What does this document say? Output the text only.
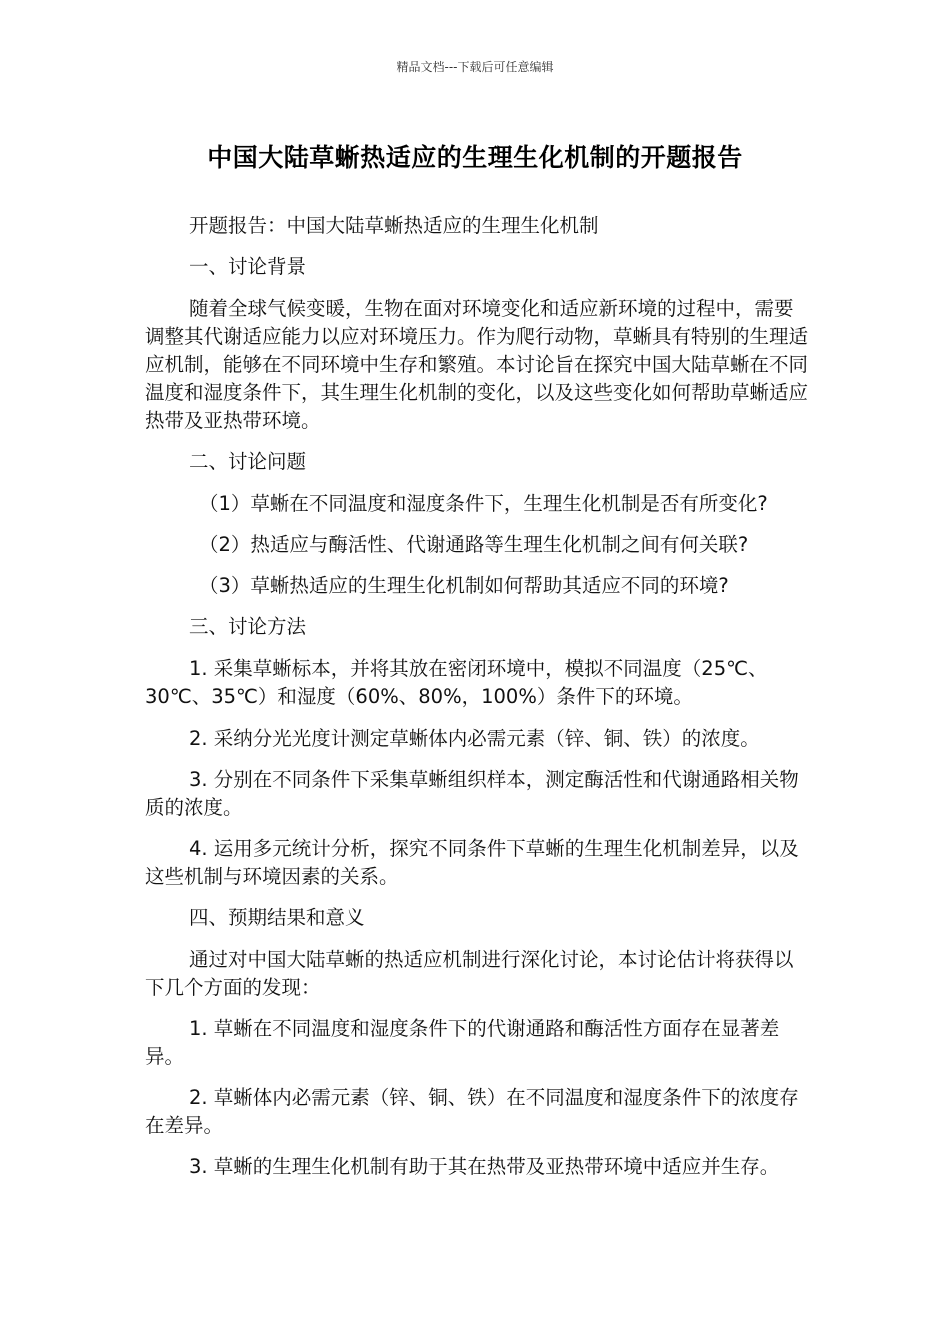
精品文档---下载后可任意编辑
中国大陆草蜥热适应的生理生化机制的开题报告

开题报告：中国大陆草蜥热适应的生理生化机制

一、讨论背景

随着全球气候变暖，生物在面对环境变化和适应新环境的过程中，需要调整其代谢适应能力以应对环境压力。作为爬行动物，草蜥具有特别的生理适应机制，能够在不同环境中生存和繁殖。本讨论旨在探究中国大陆草蜥在不同温度和湿度条件下，其生理生化机制的变化，以及这些变化如何帮助草蜥适应热带及亚热带环境。

二、讨论问题

（1）草蜥在不同温度和湿度条件下，生理生化机制是否有所变化?

（2）热适应与酶活性、代谢通路等生理生化机制之间有何关联?

（3）草蜥热适应的生理生化机制如何帮助其适应不同的环境?

三、讨论方法

1. 采集草蜥标本，并将其放在密闭环境中，模拟不同温度（25℃、30℃、35℃）和湿度（60%、80%，100%）条件下的环境。

2. 采纳分光光度计测定草蜥体内必需元素（锌、铜、铁）的浓度。

3. 分别在不同条件下采集草蜥组织样本，测定酶活性和代谢通路相关物质的浓度。

4. 运用多元统计分析，探究不同条件下草蜥的生理生化机制差异，以及这些机制与环境因素的关系。

四、预期结果和意义

通过对中国大陆草蜥的热适应机制进行深化讨论，本讨论估计将获得以下几个方面的发现：

1. 草蜥在不同温度和湿度条件下的代谢通路和酶活性方面存在显著差异。

2. 草蜥体内必需元素（锌、铜、铁）在不同温度和湿度条件下的浓度存在差异。

3. 草蜥的生理生化机制有助于其在热带及亚热带环境中适应并生存。
